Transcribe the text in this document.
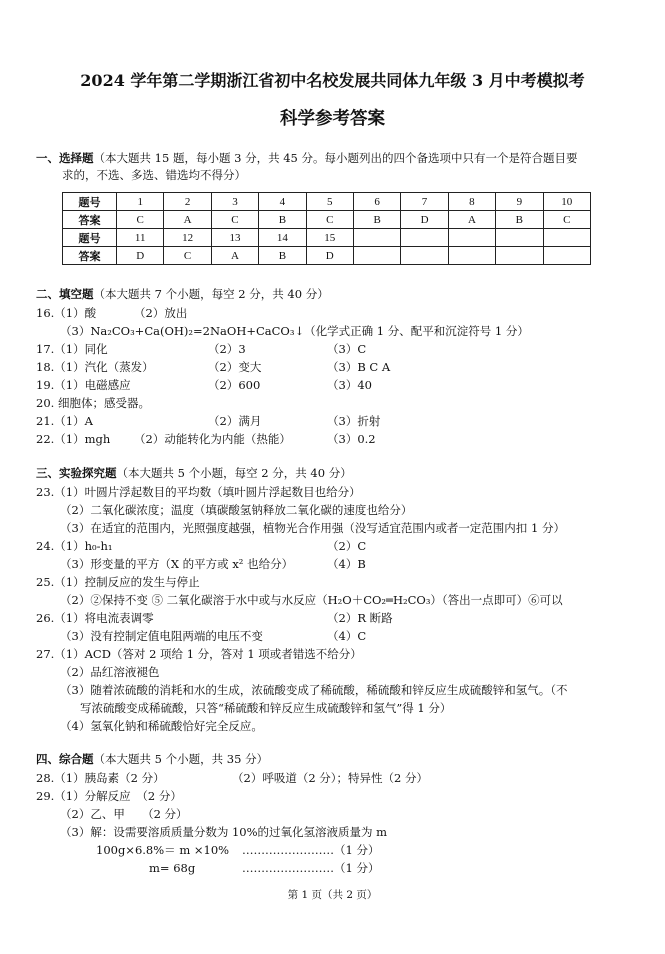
2024 学年第二学期浙江省初中名校发展共同体九年级 3 月中考模拟考
科学参考答案
一、选择题（本大题共 15 题，每小题 3 分，共 45 分。每小题列出的四个备选项中只有一个是符合题目要
求的，不选、多选、错选均不得分）
题号	1	2	3	4	5	6	7	8	9	10
答案	C	A	C	B	C	B	D	A	B	C
题号	11	12	13	14	15					
答案	D	C	A	B	D					
二、填空题（本大题共 7 个小题，每空 2 分，共 40 分）
16.（1）酸	（2）放出
（3）Na₂CO₃+Ca(OH)₂=2NaOH+CaCO₃↓（化学式正确 1 分、配平和沉淀符号 1 分）
17.（1）同化	（2）3	（3）C
18.（1）汽化（蒸发）	（2）变大	（3）B C A
19.（1）电磁感应	（2）600	（3）40
20. 细胞体；感受器。
21.（1）A	（2）满月	（3）折射
22.（1）mgh （2）动能转化为内能（热能）	（3）0.2
三、实验探究题（本大题共 5 个小题，每空 2 分，共 40 分）
23.（1）叶圆片浮起数目的平均数（填叶圆片浮起数目也给分）
（2）二氧化碳浓度；温度（填碳酸氢钠释放二氧化碳的速度也给分）
（3）在适宜的范围内，光照强度越强，植物光合作用强（没写适宜范围内或者一定范围内扣 1 分）
24.（1）h₀-h₁	（2）C
（3）形变量的平方（X 的平方或 x² 也给分）	（4）B
25.（1）控制反应的发生与停止
（2）②保持不变 ⑤ 二氧化碳溶于水中或与水反应（H₂O＋CO₂═H₂CO₃）（答出一点即可）⑥可以
26.（1）将电流表调零	（2）R 断路
（3）没有控制定值电阻两端的电压不变	（4）C
27.（1）ACD（答对 2 项给 1 分，答对 1 项或者错选不给分）
（2）品红溶液褪色
（3）随着浓硫酸的消耗和水的生成，浓硫酸变成了稀硫酸，稀硫酸和锌反应生成硫酸锌和氢气。（不
写浓硫酸变成稀硫酸，只答“稀硫酸和锌反应生成硫酸锌和氢气”得 1 分）
（4）氢氧化钠和稀硫酸恰好完全反应。
四、综合题（本大题共 5 个小题，共 35 分）
28.（1）胰岛素（2 分）	（2）呼吸道（2 分）；特异性（2 分）
29.（1）分解反应　（2 分）
（2）乙、甲　　（2 分）
（3）解：设需要溶质质量分数为 10%的过氧化氢溶液质量为 m
100g×6.8%＝ m ×10% ……………………（1 分）
m= 68g	……………………（1 分）
第 1 页（共 2 页）
